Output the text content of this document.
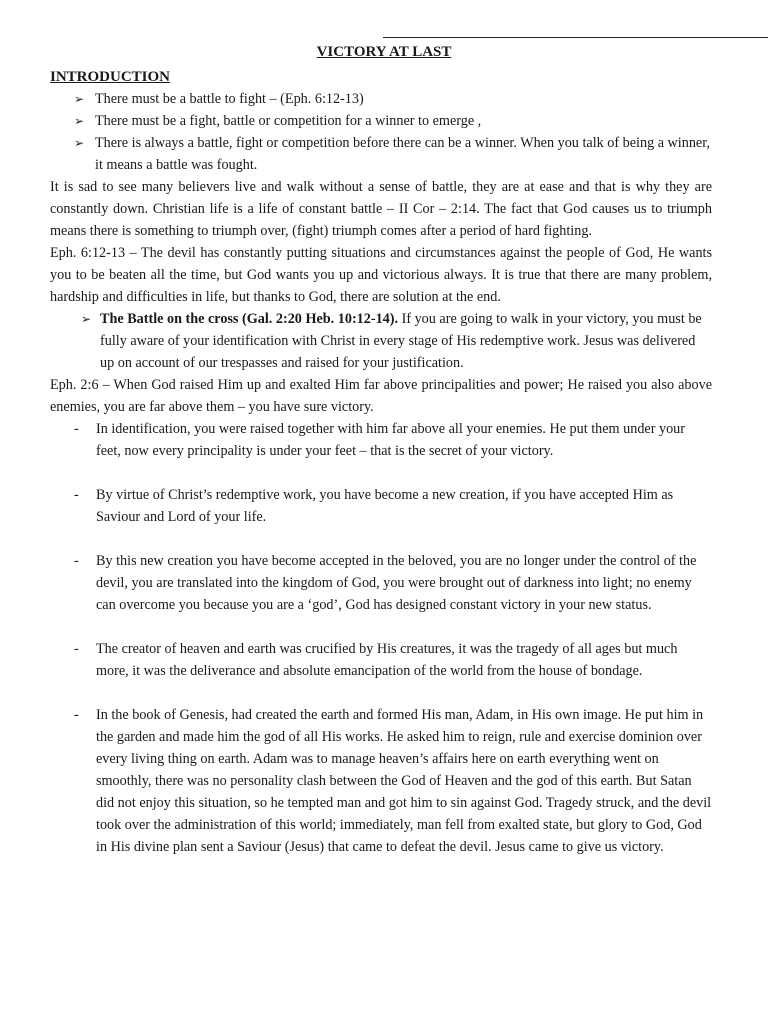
VICTORY AT LAST
INTRODUCTION
➢ There must be a battle to fight – (Eph. 6:12-13)
➢ There must be a fight, battle or competition for a winner to emerge ,
➢ There is always a battle, fight or competition before there can be a winner. When you talk of being a winner, it means a battle was fought.
It is sad to see many believers live and walk without a sense of battle, they are at ease and that is why they are constantly down. Christian life is a life of constant battle – II Cor – 2:14. The fact that God causes us to triumph means there is something to triumph over, (fight) triumph comes after a period of hard fighting.
Eph. 6:12-13 – The devil has constantly putting situations and circumstances against the people of God, He wants you to be beaten all the time, but God wants you up and victorious always. It is true that there are many problem, hardship and difficulties in life, but thanks to God, there are solution at the end.
➢ The Battle on the cross (Gal. 2:20 Heb. 10:12-14). If you are going to walk in your victory, you must be fully aware of your identification with Christ in every stage of His redemptive work. Jesus was delivered up on account of our trespasses and raised for your justification.
Eph. 2:6 – When God raised Him up and exalted Him far above principalities and power; He raised you also above enemies, you are far above them – you have sure victory.
-	In identification, you were raised together with him far above all your enemies. He put them under your feet, now every principality is under your feet – that is the secret of your victory.
-	By virtue of Christ’s redemptive work, you have become a new creation, if you have accepted Him as Saviour and Lord of your life.
-	By this new creation you have become accepted in the beloved, you are no longer under the control of the devil, you are translated into the kingdom of God, you were brought out of darkness into light; no enemy can overcome you because you are a ‘god’, God has designed constant victory in your new status.
-	The creator of heaven and earth was crucified by His creatures, it was the tragedy of all ages but much more, it was the deliverance and absolute emancipation of the world from the house of bondage.
-	In the book of Genesis, had created the earth and formed His man, Adam, in His own image. He put him in the garden and made him the god of all His works. He asked him to reign, rule and exercise dominion over every living thing on earth. Adam was to manage heaven’s affairs here on earth everything went on smoothly, there was no personality clash between the God of Heaven and the god of this earth. But Satan did not enjoy this situation, so he tempted man and got him to sin against God. Tragedy struck, and the devil took over the administration of this world; immediately, man fell from exalted state, but glory to God, God in His divine plan sent a Saviour (Jesus) that came to defeat the devil. Jesus came to give us victory.
